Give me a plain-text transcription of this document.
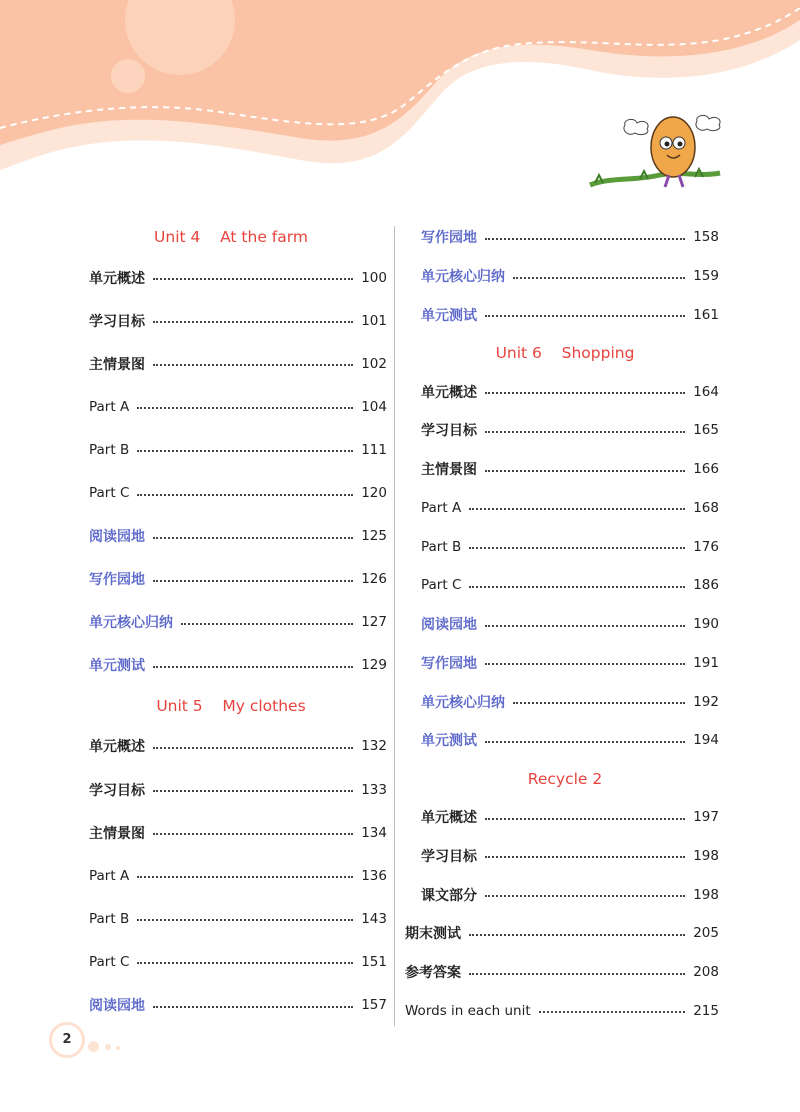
Unit 4    At the farm
单元概述	100
学习目标	101
主情景图	102
Part A	104
Part B	111
Part C	120
阅读园地	125
写作园地	126
单元核心归纳	127
单元测试	129
Unit 5    My clothes
单元概述	132
学习目标	133
主情景图	134
Part A	136
Part B	143
Part C	151
阅读园地	157
写作园地	158
单元核心归纳	159
单元测试	161
Unit 6    Shopping
单元概述	164
学习目标	165
主情景图	166
Part A	168
Part B	176
Part C	186
阅读园地	190
写作园地	191
单元核心归纳	192
单元测试	194
Recycle 2
单元概述	197
学习目标	198
课文部分	198
期末测试	205
参考答案	208
Words in each unit	215
2
